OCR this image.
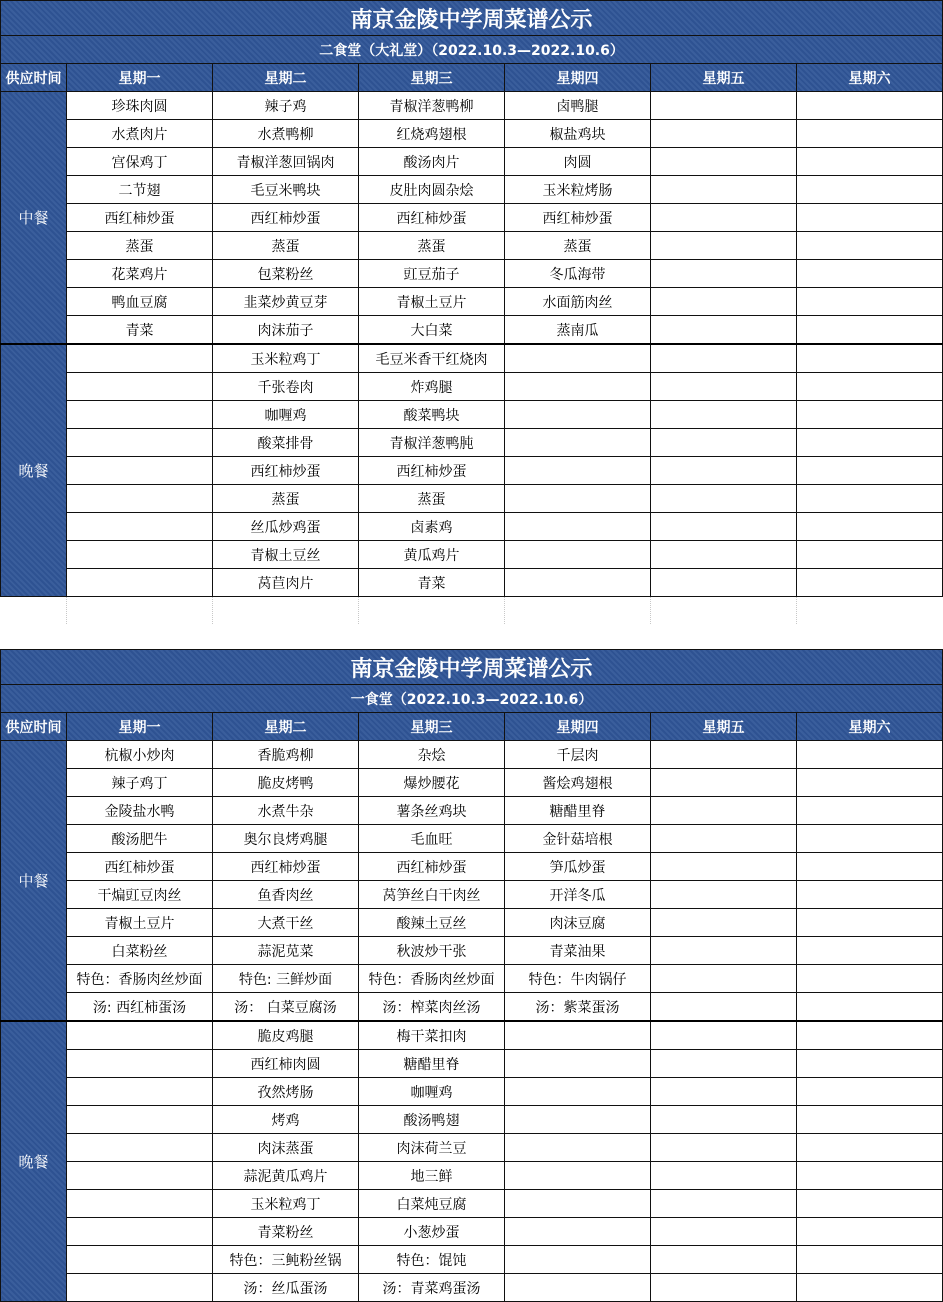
南京金陵中学周菜谱公示						
二食堂（大礼堂）（2022.10.3—2022.10.6）						
供应时间	星期一	星期二	星期三	星期四	星期五	星期六
中餐	珍珠肉圆	辣子鸡	青椒洋葱鸭柳	卤鸭腿		
	水煮肉片	水煮鸭柳	红烧鸡翅根	椒盐鸡块		
	宫保鸡丁	青椒洋葱回锅肉	酸汤肉片	肉圆		
	二节翅	毛豆米鸭块	皮肚肉圆杂烩	玉米粒烤肠		
	西红柿炒蛋	西红柿炒蛋	西红柿炒蛋	西红柿炒蛋		
	蒸蛋	蒸蛋	蒸蛋	蒸蛋		
	花菜鸡片	包菜粉丝	豇豆茄子	冬瓜海带		
	鸭血豆腐	韭菜炒黄豆芽	青椒土豆片	水面筋肉丝		
	青菜	肉沫茄子	大白菜	蒸南瓜		
晚餐		玉米粒鸡丁	毛豆米香干红烧肉			
		千张卷肉	炸鸡腿			
		咖喱鸡	酸菜鸭块			
		酸菜排骨	青椒洋葱鸭肫			
		西红柿炒蛋	西红柿炒蛋			
		蒸蛋	蒸蛋			
		丝瓜炒鸡蛋	卤素鸡			
		青椒土豆丝	黄瓜鸡片			
		莴苣肉片	青菜			

南京金陵中学周菜谱公示						
一食堂（2022.10.3—2022.10.6）						
供应时间	星期一	星期二	星期三	星期四	星期五	星期六
中餐	杭椒小炒肉	香脆鸡柳	杂烩	千层肉		
	辣子鸡丁	脆皮烤鸭	爆炒腰花	酱烩鸡翅根		
	金陵盐水鸭	水煮牛杂	薯条丝鸡块	糖醋里脊		
	酸汤肥牛	奥尔良烤鸡腿	毛血旺	金针菇培根		
	西红柿炒蛋	西红柿炒蛋	西红柿炒蛋	笋瓜炒蛋		
	干煸豇豆肉丝	鱼香肉丝	莴笋丝白干肉丝	开洋冬瓜		
	青椒土豆片	大煮干丝	酸辣土豆丝	肉沫豆腐		
	白菜粉丝	蒜泥苋菜	秋波炒干张	青菜油果		
	特色：香肠肉丝炒面	特色: 三鲜炒面	特色：香肠肉丝炒面	特色：牛肉锅仔		
	汤: 西红柿蛋汤	汤： 白菜豆腐汤	汤：榨菜肉丝汤	汤：紫菜蛋汤		
晚餐		脆皮鸡腿	梅干菜扣肉			
		西红柿肉圆	糖醋里脊			
		孜然烤肠	咖喱鸡			
		烤鸡	酸汤鸭翅			
		肉沫蒸蛋	肉沫荷兰豆			
		蒜泥黄瓜鸡片	地三鲜			
		玉米粒鸡丁	白菜炖豆腐			
		青菜粉丝	小葱炒蛋			
		特色：三鲀粉丝锅	特色：馄饨			
		汤：丝瓜蛋汤	汤：青菜鸡蛋汤			
